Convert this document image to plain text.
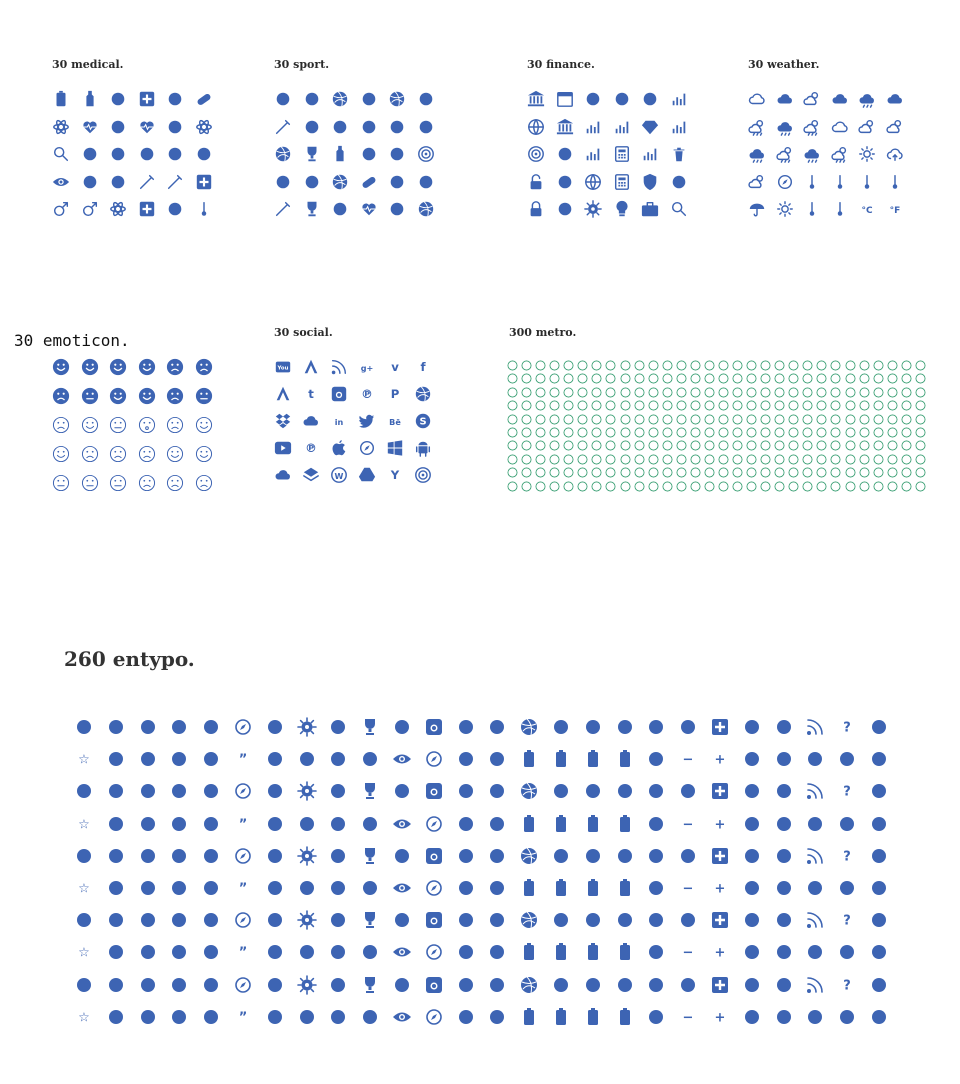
30 medical.	30 sport.	30 finance.	30 weather.
30 emoticon.	30 social.	300 metro.
260 entypo.
°C °F
You	g+ v f
t	℗ P
in	Bē S
℗
W	Y
?
☆	”	− +
?
☆	”	− +
?
☆	”	− +
?
☆	”	− +
?
☆	”	− +
